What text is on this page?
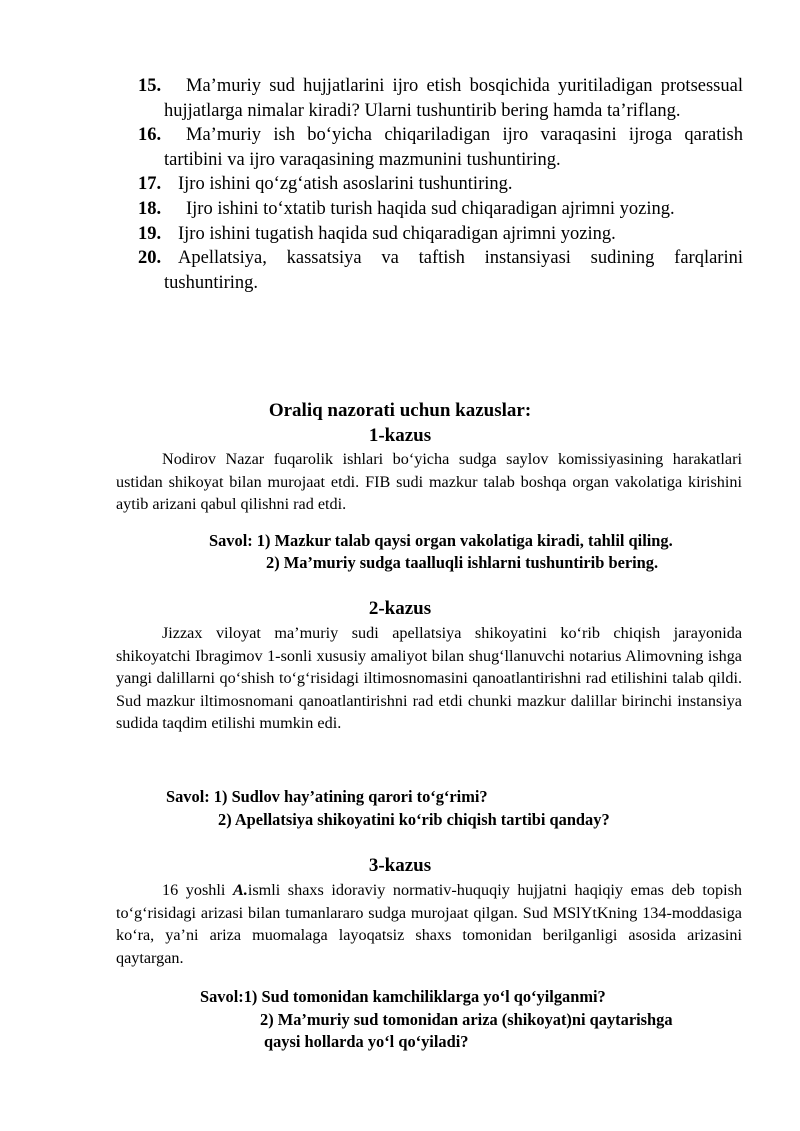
15. Ma’muriy sud hujjatlarini ijro etish bosqichida yuritiladigan protsessual hujjatlarga nimalar kiradi? Ularni tushuntirib bering hamda ta’riflang.

16. Ma’muriy ish bo‘yicha chiqariladigan ijro varaqasini ijroga qaratish tartibini va ijro varaqasining mazmunini tushuntiring.

17. Ijro ishini qo‘zg‘atish asoslarini tushuntiring.

18. Ijro ishini to‘xtatib turish haqida sud chiqaradigan ajrimni yozing.

19. Ijro ishini tugatish haqida sud chiqaradigan ajrimni yozing.

20. Apellatsiya, kassatsiya va taftish instansiyasi sudining farqlarini tushuntiring.

Oraliq nazorati uchun kazuslar:
1-kazus

Nodirov Nazar fuqarolik ishlari bo‘yicha sudga saylov komissiyasining harakatlari ustidan shikoyat bilan murojaat etdi. FIB sudi mazkur talab boshqa organ vakolatiga kirishini aytib arizani qabul qilishni rad etdi.

Savol: 1) Mazkur talab qaysi organ vakolatiga kiradi, tahlil qiling.
2) Ma’muriy sudga taalluqli ishlarni tushuntirib bering.
2-kazus

Jizzax viloyat ma’muriy sudi apellatsiya shikoyatini ko‘rib chiqish jarayonida shikoyatchi Ibragimov 1-sonli xususiy amaliyot bilan shug‘llanuvchi notarius Alimovning ishga yangi dalillarni qo‘shish to‘g‘risidagi iltimosnomasini qanoatlantirishni rad etilishini talab qildi. Sud mazkur iltimosnomani qanoatlantirishni rad etdi chunki mazkur dalillar birinchi instansiya sudida taqdim etilishi mumkin edi.

Savol: 1) Sudlov hay’atining qarori to‘g‘rimi?
2) Apellatsiya shikoyatini ko‘rib chiqish tartibi qanday?
3-kazus

16 yoshli A.ismli shaxs idoraviy normativ-huquqiy hujjatni haqiqiy emas deb topish to‘g‘risidagi arizasi bilan tumanlararo sudga murojaat qilgan. Sud MSlYtKning 134-moddasiga ko‘ra, ya’ni ariza muomalaga layoqatsiz shaxs tomonidan berilganligi asosida arizasini qaytargan.

Savol:1) Sud tomonidan kamchiliklarga yo‘l qo‘yilganmi?
2) Ma’muriy sud tomonidan ariza (shikoyat)ni qaytarishga
qaysi hollarda yo‘l qo‘yiladi?
